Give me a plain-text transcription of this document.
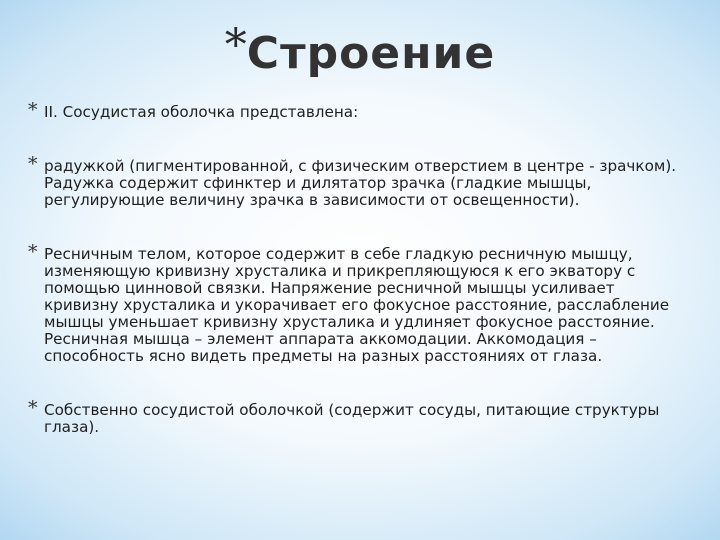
*Строение
* II. Сосудистая оболочка представлена:
* радужкой (пигментированной, с физическим отверстием в центре - зрачком). Радужка содержит сфинктер и дилятатор зрачка (гладкие мышцы, регулирующие величину зрачка в зависимости от освещенности).
* Ресничным телом, которое содержит в себе гладкую ресничную мышцу, изменяющую кривизну хрусталика и прикрепляющуюся к его экватору с помощью цинновой связки. Напряжение ресничной мышцы усиливает кривизну хрусталика и укорачивает его фокусное расстояние, расслабление мышцы уменьшает кривизну хрусталика и удлиняет фокусное расстояние. Ресничная мышца – элемент аппарата аккомодации. Аккомодация – способность ясно видеть предметы на разных расстояниях от глаза.
* Собственно сосудистой оболочкой (содержит сосуды, питающие структуры глаза).
